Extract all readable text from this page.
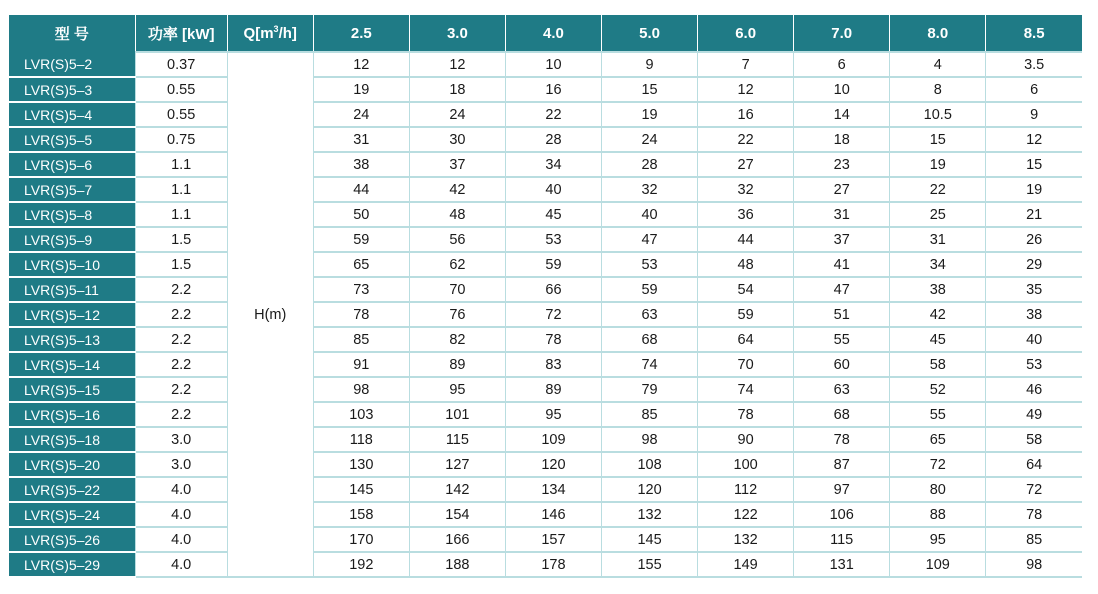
型 号	功率 [kW]	$Q[m^3/h]$	2.5	3.0	4.0	5.0	6.0	7.0	8.0	8.5
LVR(S)5–2	0.37	H(m)	12	12	10	9	7	6	4	3.5
LVR(S)5–3	0.55		19	18	16	15	12	10	8	6
LVR(S)5–4	0.55		24	24	22	19	16	14	10.5	9
LVR(S)5–5	0.75		31	30	28	24	22	18	15	12
LVR(S)5–6	1.1		38	37	34	28	27	23	19	15
LVR(S)5–7	1.1		44	42	40	32	32	27	22	19
LVR(S)5–8	1.1		50	48	45	40	36	31	25	21
LVR(S)5–9	1.5		59	56	53	47	44	37	31	26
LVR(S)5–10	1.5		65	62	59	53	48	41	34	29
LVR(S)5–11	2.2		73	70	66	59	54	47	38	35
LVR(S)5–12	2.2		78	76	72	63	59	51	42	38
LVR(S)5–13	2.2		85	82	78	68	64	55	45	40
LVR(S)5–14	2.2		91	89	83	74	70	60	58	53
LVR(S)5–15	2.2		98	95	89	79	74	63	52	46
LVR(S)5–16	2.2		103	101	95	85	78	68	55	49
LVR(S)5–18	3.0		118	115	109	98	90	78	65	58
LVR(S)5–20	3.0		130	127	120	108	100	87	72	64
LVR(S)5–22	4.0		145	142	134	120	112	97	80	72
LVR(S)5–24	4.0		158	154	146	132	122	106	88	78
LVR(S)5–26	4.0		170	166	157	145	132	115	95	85
LVR(S)5–29	4.0		192	188	178	155	149	131	109	98
